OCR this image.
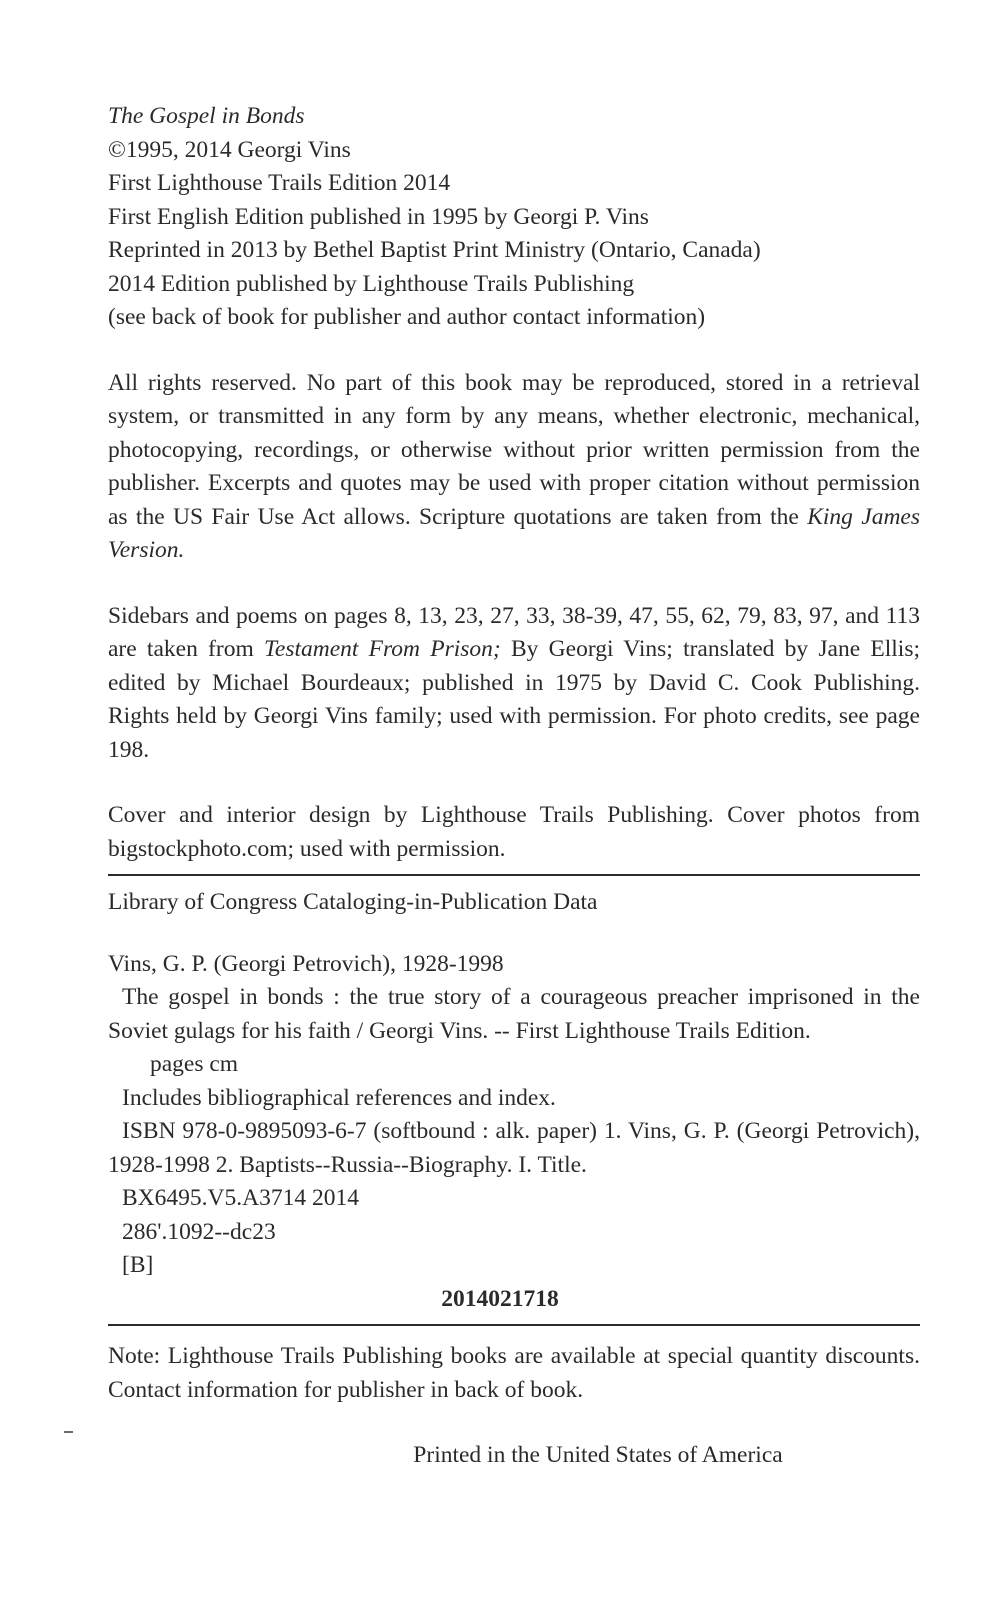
The Gospel in Bonds
©1995, 2014 Georgi Vins
First Lighthouse Trails Edition 2014
First English Edition published in 1995 by Georgi P. Vins
Reprinted in 2013 by Bethel Baptist Print Ministry (Ontario, Canada)
2014 Edition published by Lighthouse Trails Publishing
(see back of book for publisher and author contact information)

All rights reserved. No part of this book may be reproduced, stored in a retrieval system, or transmitted in any form by any means, whether electronic, mechanical, photocopying, recordings, or otherwise without prior written permission from the publisher. Excerpts and quotes may be used with proper citation without permission as the US Fair Use Act allows. Scripture quotations are taken from the King James Version.

Sidebars and poems on pages 8, 13, 23, 27, 33, 38-39, 47, 55, 62, 79, 83, 97, and 113 are taken from Testament From Prison; By Georgi Vins; translated by Jane Ellis; edited by Michael Bourdeaux; published in 1975 by David C. Cook Publishing. Rights held by Georgi Vins family; used with permission. For photo credits, see page 198.

Cover and interior design by Lighthouse Trails Publishing. Cover photos from bigstockphoto.com; used with permission.

Library of Congress Cataloging-in-Publication Data
Vins, G. P. (Georgi Petrovich), 1928-1998

The gospel in bonds : the true story of a courageous preacher imprisoned in the Soviet gulags for his faith / Georgi Vins. -- First Lighthouse Trails Edition.

pages cm
Includes bibliographical references and index.

ISBN 978-0-9895093-6-7 (softbound : alk. paper) 1. Vins, G. P. (Georgi Petrovich), 1928-1998 2. Baptists--Russia--Biography. I. Title.

BX6495.V5.A3714 2014
286'.1092--dc23
[B]
2014021718

Note: Lighthouse Trails Publishing books are available at special quantity discounts. Contact information for publisher in back of book.

Printed in the United States of America
